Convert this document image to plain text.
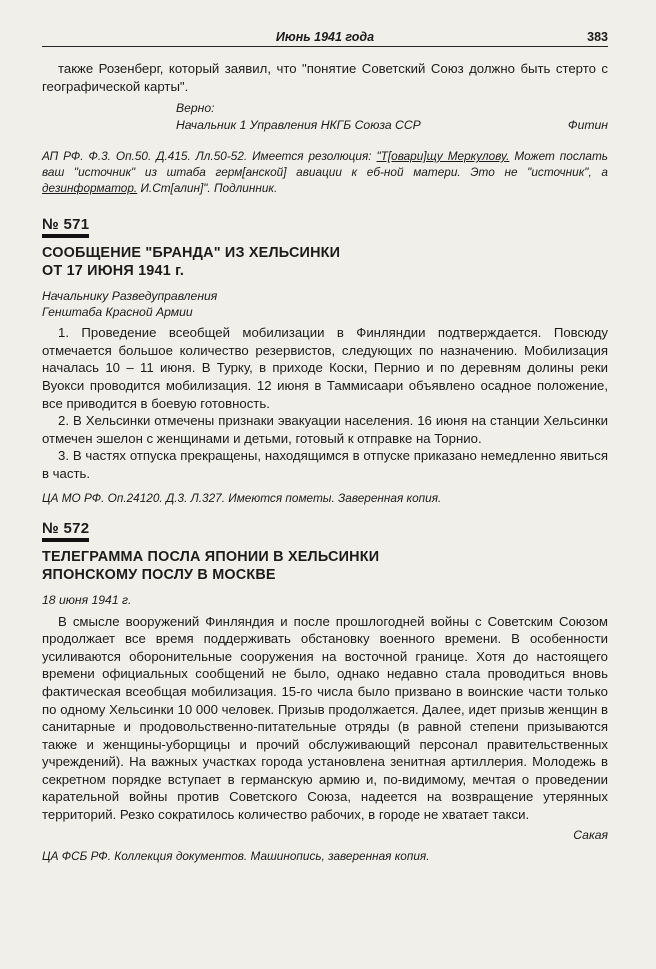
Июнь 1941 года	383

также Розенберг, который заявил, что "понятие Советский Союз должно быть стерто с географической карты".

Верно:
Начальник 1 Управления НКГБ Союза ССР	Фитин

АП РФ. Ф.3. Оп.50. Д.415. Лл.50-52. Имеется резолюция: "Т[овари]щу Меркулову. Может послать ваш "источник" из штаба герм[анской] авиации к еб-ной матери. Это не "источник", а дезинформатор. И.Ст[алин]". Подлинник.

№ 571
СООБЩЕНИЕ "БРАНДА" ИЗ ХЕЛЬСИНКИ
ОТ 17 ИЮНЯ 1941 г.
Начальнику Разведуправления
Генштаба Красной Армии

1. Проведение всеобщей мобилизации в Финляндии подтверждается. Повсюду отмечается большое количество резервистов, следующих по назначению. Мобилизация началась 10 – 11 июня. В Турку, в приходе Коски, Пернио и по деревням долины реки Вуокси проводится мобилизация. 12 июня в Таммисаари объявлено осадное положение, все приводится в боевую готовность.

2. В Хельсинки отмечены признаки эвакуации населения. 16 июня на станции Хельсинки отмечен эшелон с женщинами и детьми, готовый к отправке на Торнио.

3. В частях отпуска прекращены, находящимся в отпуске приказано немедленно явиться в часть.

ЦА МО РФ. Оп.24120. Д.3. Л.327. Имеются пометы. Заверенная копия.

№ 572
ТЕЛЕГРАММА ПОСЛА ЯПОНИИ В ХЕЛЬСИНКИ
ЯПОНСКОМУ ПОСЛУ В МОСКВЕ
18 июня 1941 г.

В смысле вооружений Финляндия и после прошлогодней войны с Советским Союзом продолжает все время поддерживать обстановку военного времени. В особенности усиливаются оборонительные сооружения на восточной границе. Хотя до настоящего времени официальных сообщений не было, однако недавно стала проводиться вновь фактическая всеобщая мобилизация. 15-го числа было призвано в воинские части только по одному Хельсинки 10 000 человек. Призыв продолжается. Далее, идет призыв женщин в санитарные и продовольственно-питательные отряды (в равной степени призываются также и женщины-уборщицы и прочий обслуживающий персонал правительственных учреждений). На важных участках города установлена зенитная артиллерия. Молодежь в секретном порядке вступает в германскую армию и, по-видимому, мечтая о проведении карательной войны против Советского Союза, надеется на возвращение утерянных территорий. Резко сократилось количество рабочих, в городе не хватает такси.

Сакая

ЦА ФСБ РФ. Коллекция документов. Машинопись, заверенная копия.
